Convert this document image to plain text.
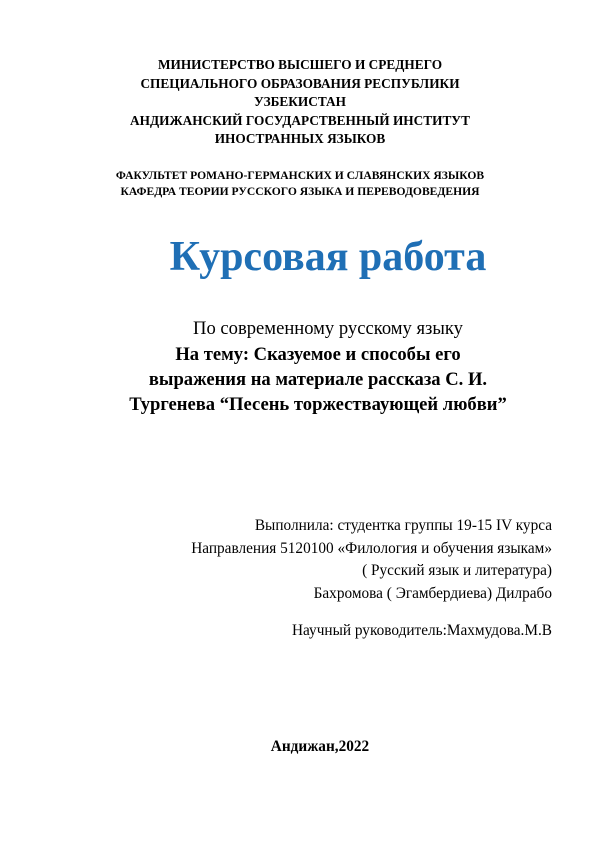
МИНИСТЕРСТВО ВЫСШЕГО И СРЕДНЕГО
СПЕЦИАЛЬНОГО ОБРАЗОВАНИЯ РЕСПУБЛИКИ
УЗБЕКИСТАН
АНДИЖАНСКИЙ ГОСУДАРСТВЕННЫЙ ИНСТИТУТ
ИНОСТРАННЫХ ЯЗЫКОВ
ФАКУЛЬТЕТ РОМАНО-ГЕРМАНСКИХ И СЛАВЯНСКИХ ЯЗЫКОВ
КАФЕДРА ТЕОРИИ РУССКОГО ЯЗЫКА И ПЕРЕВОДОВЕДЕНИЯ
Курсовая работа
По современному русскому языку
На тему: Сказуемое и способы его
выражения на материале рассказа С. И.
Тургенева “Песень торжестваующей любви”
Выполнила: студентка группы 19-15 IV курса
Направления 5120100 «Филология и обучения языкам»
( Русский язык и литература)
Бахромова ( Эгамбердиева) Дилрабо
Научный руководитель:Махмудова.М.В
Андижан,2022
